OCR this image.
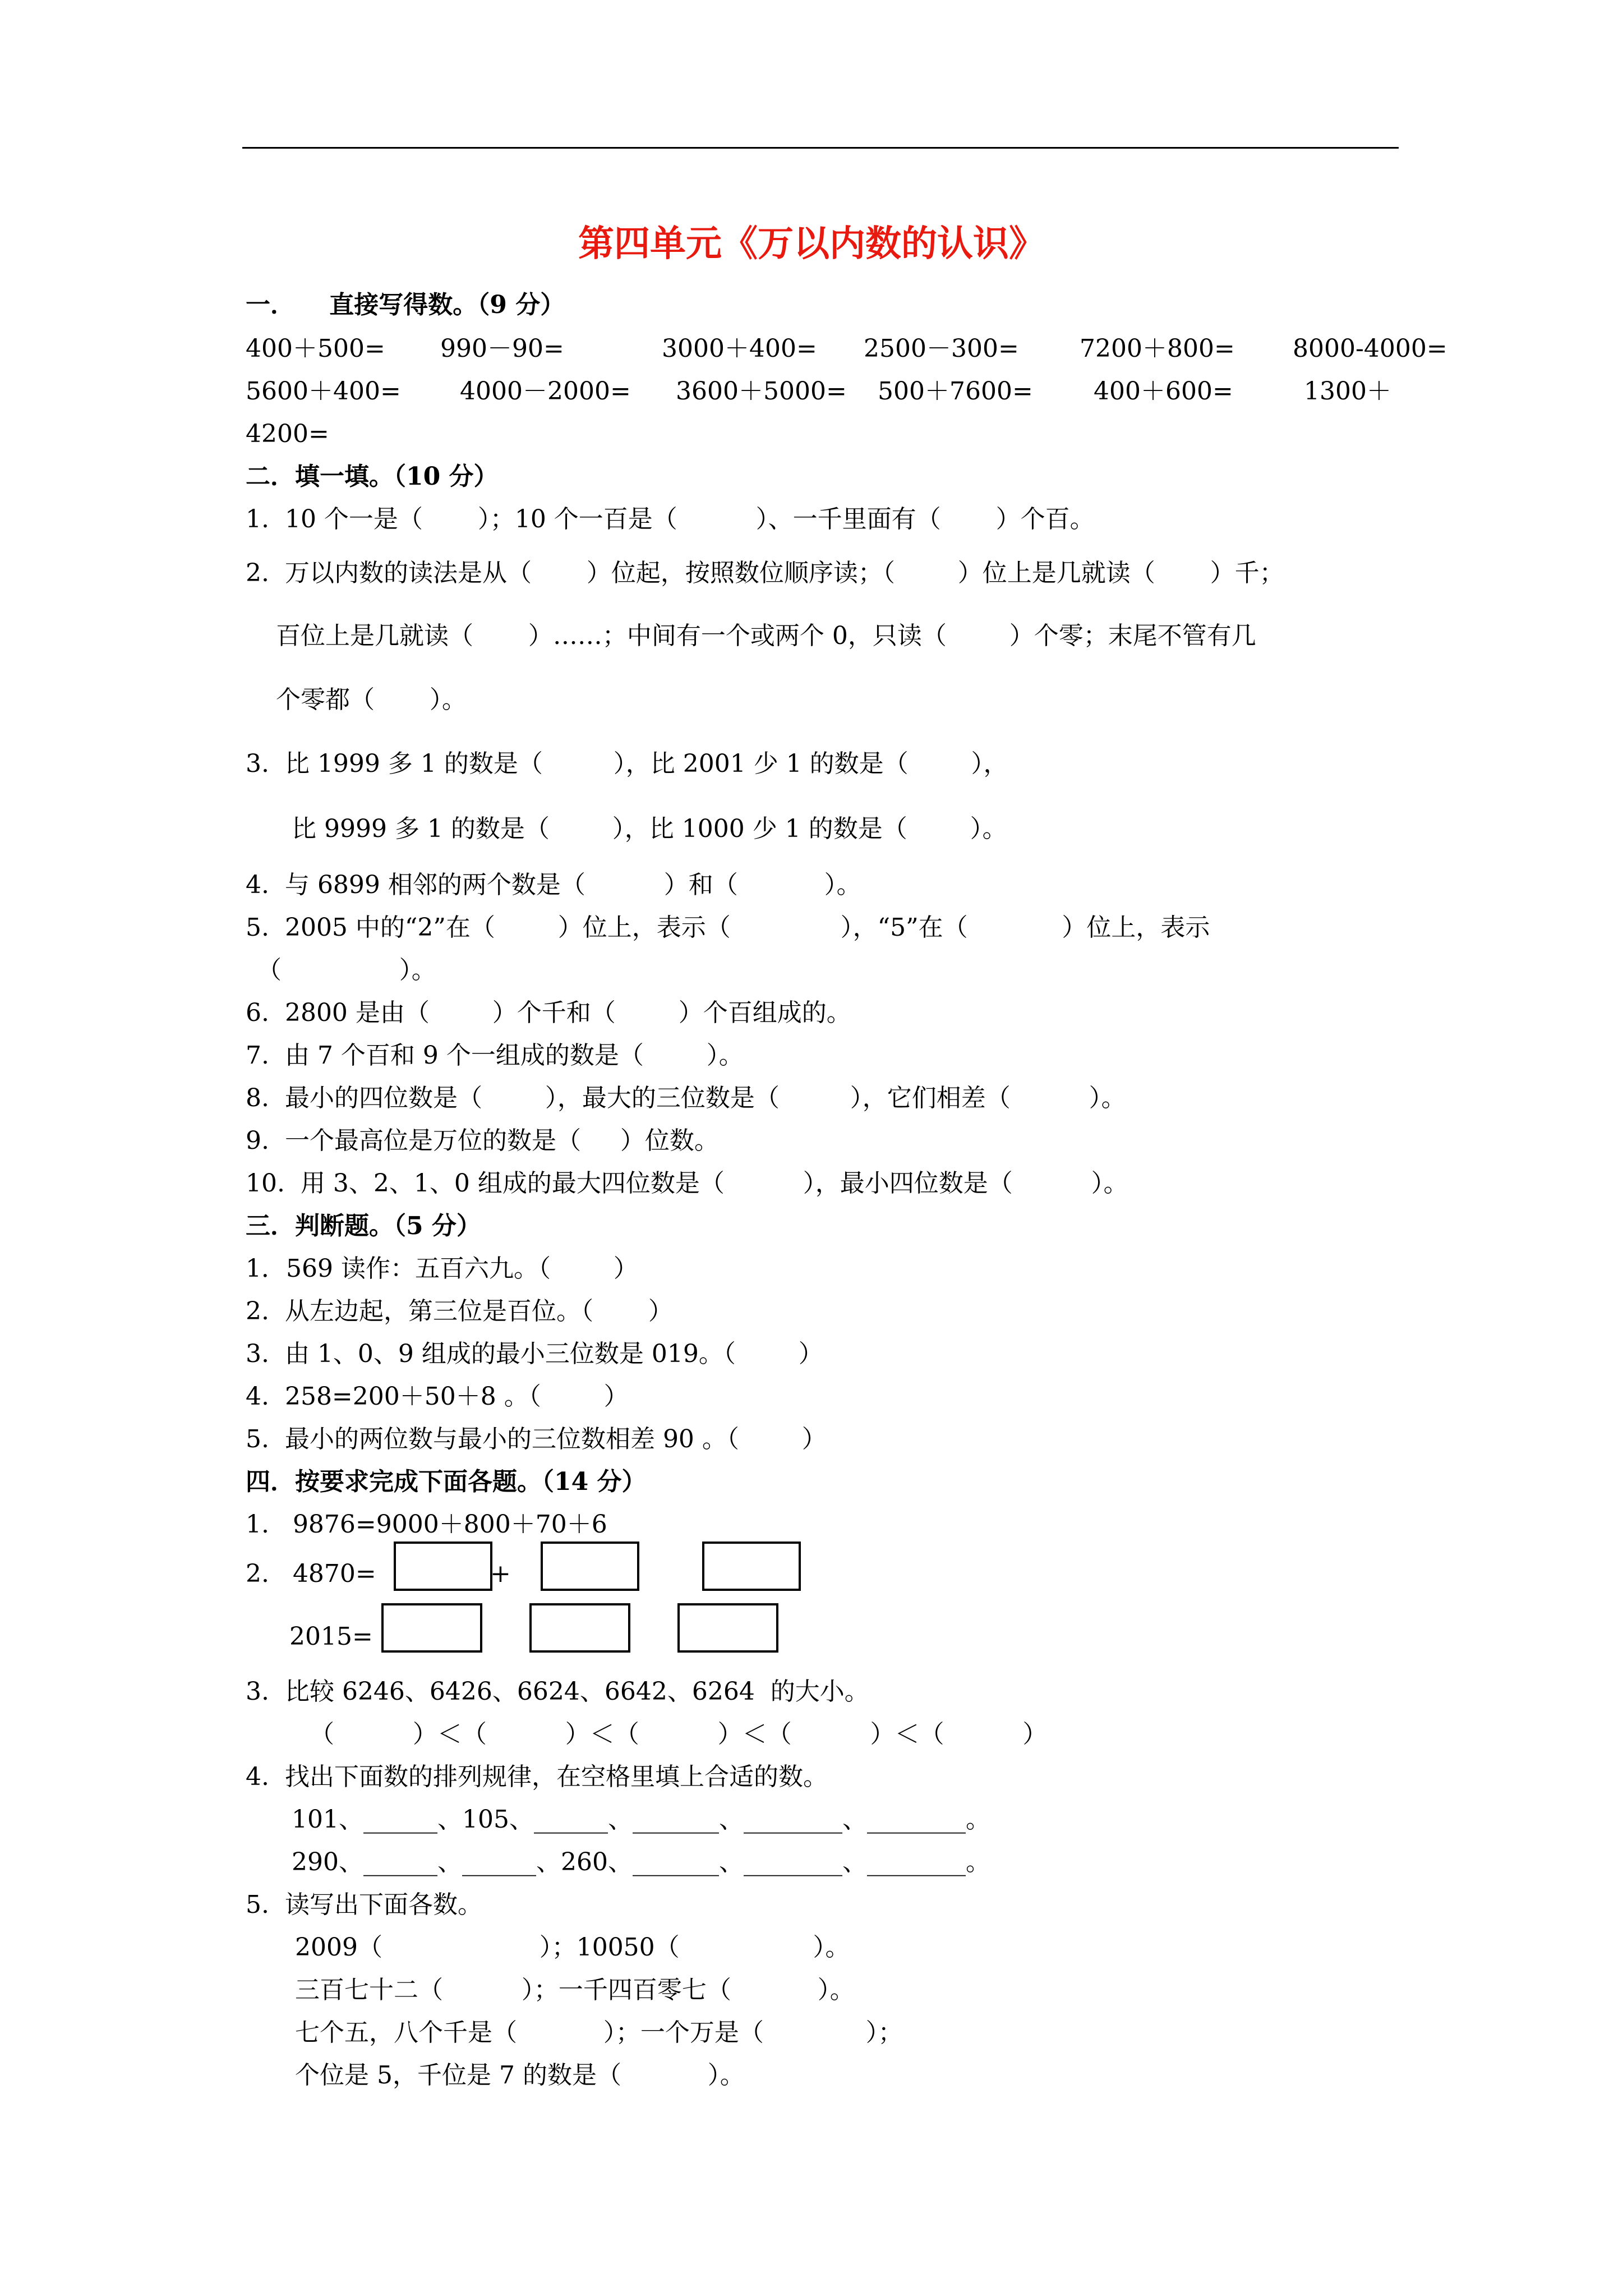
第四单元《万以内数的认识》
一．    直接写得数。（9 分）
400＋500= 990－90=	3000＋400= 2500－300= 7200＋800= 8000-4000=
5600＋400= 4000－2000= 3600＋5000= 500＋7600= 400＋600=	1300＋
4200=
二．填一填。（10 分）
1.  10 个一是（       ）；10 个一百是（          ）、一千里面有（       ）个百。
2.  万以内数的读法是从（       ）位起，按照数位顺序读；（        ）位上是几就读（       ）千；
百位上是几就读（       ）……；中间有一个或两个 0，只读（        ）个零；末尾不管有几
个零都（       ）。
3.  比 1999 多 1 的数是（         ），比 2001 少 1 的数是（        ），
比 9999 多 1 的数是（        ），比 1000 少 1 的数是（        ）。
4.  与 6899 相邻的两个数是（          ）和（           ）。
5.  2005 中的“2”在（        ）位上，表示（              ），“5”在（            ）位上，表示
（               ）。
6.  2800 是由（        ）个千和（        ）个百组成的。
7.  由 7 个百和 9 个一组成的数是（        ）。
8.  最小的四位数是（        ），最大的三位数是（         ），它们相差（          ）。
9.  一个最高位是万位的数是（     ）位数。
10.  用 3、2、1、0 组成的最大四位数是（          ），最小四位数是（          ）。
三．判断题。（5 分）
1．569 读作：五百六九。（        ）
2.  从左边起，第三位是百位。（       ）
3.  由 1、0、9 组成的最小三位数是 019。（        ）
4.  258=200＋50＋8 。（        ）
5.  最小的两位数与最小的三位数相差 90 。（        ）
四．按要求完成下面各题。（14 分）
1.   9876=9000＋800＋70＋6
2.   4870=	+
2015=
3.  比较 6246、6426、6624、6642、6264  的大小。
（          ）＜（          ）＜（          ）＜（          ）＜（          ）
4.  找出下面数的排列规律，在空格里填上合适的数。
101、______、105、______、_______、________、________。
290、______、______、260、_______、________、________。
5.  读写出下面各数。
2009（                    ）；10050（                 ）。
三百七十二（          ）；一千四百零七（           ）。
七个五，八个千是（           ）；一个万是（             ）；
个位是 5，千位是 7 的数是（           ）。
